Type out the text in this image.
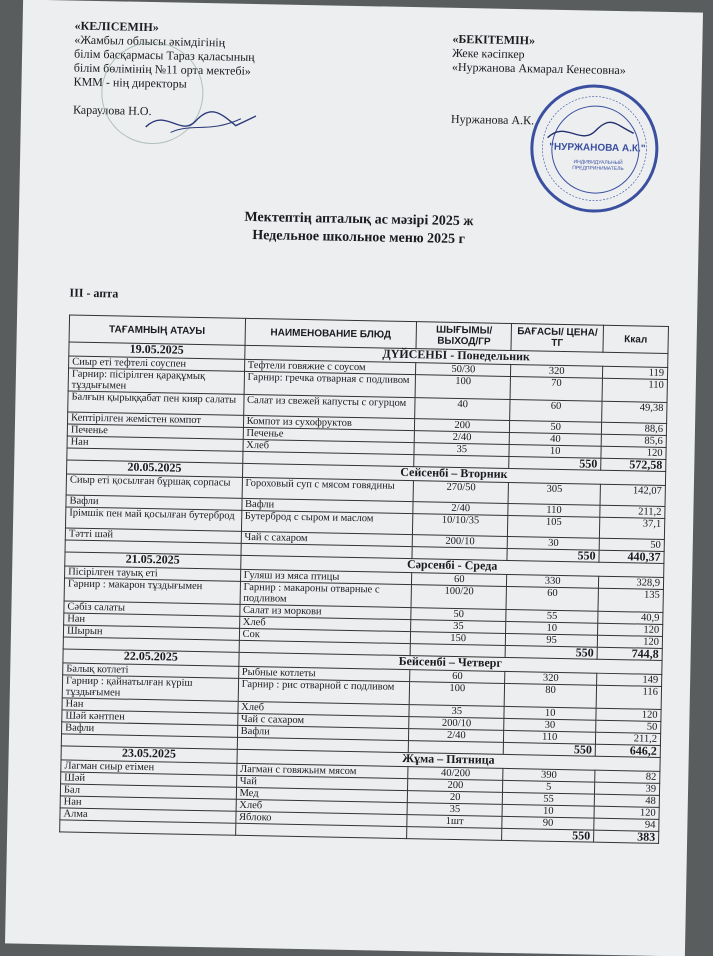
«КЕЛІСЕМІН»
«Жамбыл облысы әкімдігінің
білім басқармасы Тараз қаласының
білім бөлімінің №11 орта мектебі»
КММ - нің директоры
Караулова Н.О.
«БЕКІТЕМІН»
Жеке кәсіпкер
«Нуржанова Акмарал Кенесовна»
Нуржанова А.К.
"НУРЖАНОВА А.К."
ИНДИВИДУАЛЬНЫЙ ПРЕДПРИНИМАТЕЛЬ
Мектептің апталық ас мәзірі 2025 ж
Недельное школьное меню 2025 г
III - апта
ТАҒАМНЫҢ АТАУЫ	НАИМЕНОВАНИЕ БЛЮД	ШЫҒЫМЫ/ ВЫХОД/ГР	БАҒАСЫ/ ЦЕНА/ТГ	Ккал
19.05.2025	ДҮЙСЕНБІ - Понедельник			
Сиыр еті тефтелі соуспен	Тефтели говяжие с соусом	50/30	320	119
Гарнир: пісірілген қарақұмық тұздығымен	Гарнир: гречка отварная с подливом	100	70	110
Балғын қырыққабат пен кияр салаты	Салат из свежей капусты с огурцом	40	60	49,38
Кептірілген жемістен компот	Компот из сухофруктов	200	50	88,6
Печенье	Печенье	2/40	40	85,6
Нан	Хлеб	35	10	120
			550	572,58
20.05.2025	Сейсенбі – Вторник			
Сиыр еті қосылған бұршақ сорпасы	Гороховый суп с мясом говядины	270/50	305	142,07
Вафли	Вафли	2/40	110	211,2
Ірімшік пен май қосылған бутерброд	Бутерброд с сыром и маслом	10/10/35	105	37,1
Тәтті шәй	Чай с сахаром	200/10	30	50
			550	440,37
21.05.2025	Сәрсенбі - Среда			
Пісірілген тауық еті	Гуляш из мяса птицы	60	330	328,9
Гарнир : макарон тұздығымен	Гарнир : макароны отварные с подливом	100/20	60	135
Сәбіз салаты	Салат из моркови	50	55	40,9
Нан	Хлеб	35	10	120
Шырын	Сок	150	95	120
			550	744,8
22.05.2025	Бейсенбі – Четверг			
Балық котлеті	Рыбные котлеты	60	320	149
Гарнир : қайнатылған күріш тұздығымен	Гарнир : рис отварной с подливом	100	80	116
Нан	Хлеб	35	10	120
Шәй кәнтпен	Чай с сахаром	200/10	30	50
Вафли	Вафли	2/40	110	211,2
			550	646,2
23.05.2025	Жұма – Пятница			
Лагман сиыр етімен	Лагман с говяжьим мясом	40/200	390	82
Шәй	Чай	200	5	39
Бал	Мед	20	55	48
Нан	Хлеб	35	10	120
Алма	Яблоко	1шт	90	94
			550	383
